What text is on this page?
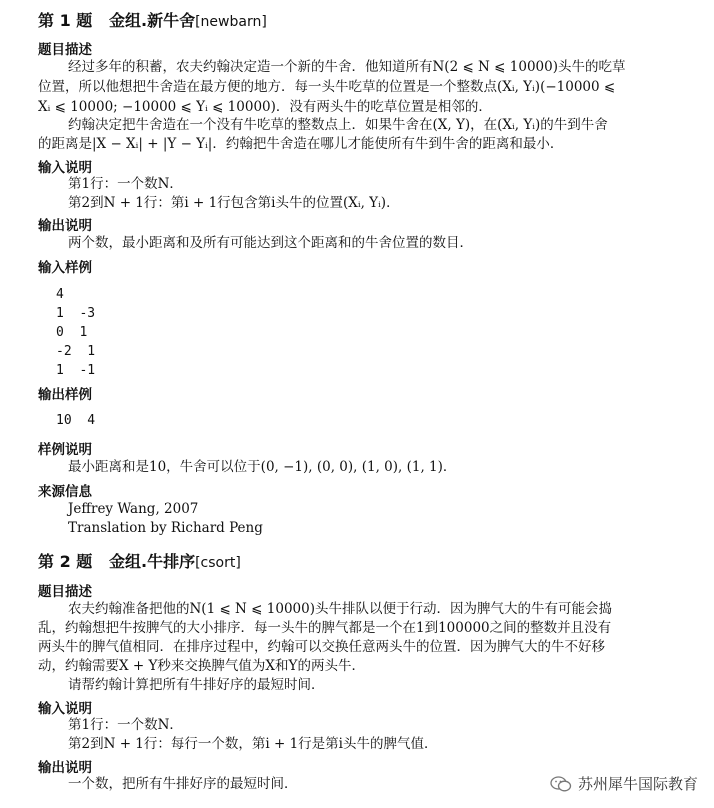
第 1 题 金组.新牛舍[newbarn]
题目描述
经过多年的积蓄，农夫约翰决定造一个新的牛舍．他知道所有N(2 ⩽ N ⩽ 10000)头牛的吃草
位置，所以他想把牛舍造在最方便的地方．每一头牛吃草的位置是一个整数点(Xᵢ, Yᵢ)(−10000 ⩽
Xᵢ ⩽ 10000; −10000 ⩽ Yᵢ ⩽ 10000)．没有两头牛的吃草位置是相邻的．
约翰决定把牛舍造在一个没有牛吃草的整数点上．如果牛舍在(X, Y)，在(Xᵢ, Yᵢ)的牛到牛舍
的距离是|X − Xᵢ| + |Y − Yᵢ|．约翰把牛舍造在哪儿才能使所有牛到牛舍的距离和最小．
输入说明
第1行：一个数N．
第2到N + 1行：第i + 1行包含第i头牛的位置(Xᵢ, Yᵢ)．
输出说明
两个数，最小距离和及所有可能达到这个距离和的牛舍位置的数目．
输入样例
4
1  -3
0  1
-2  1
1  -1
输出样例
10  4
样例说明
最小距离和是10，牛舍可以位于(0, −1), (0, 0), (1, 0), (1, 1)．
来源信息
Jeffrey Wang, 2007
Translation by Richard Peng
第 2 题 金组.牛排序[csort]
题目描述
农夫约翰准备把他的N(1 ⩽ N ⩽ 10000)头牛排队以便于行动．因为脾气大的牛有可能会捣
乱，约翰想把牛按脾气的大小排序．每一头牛的脾气都是一个在1到100000之间的整数并且没有
两头牛的脾气值相同．在排序过程中，约翰可以交换任意两头牛的位置．因为脾气大的牛不好移
动，约翰需要X + Y秒来交换脾气值为X和Y的两头牛．
请帮约翰计算把所有牛排好序的最短时间．
输入说明
第1行：一个数N．
第2到N + 1行：每行一个数，第i + 1行是第i头牛的脾气值．
输出说明
一个数，把所有牛排好序的最短时间．	苏州犀牛国际教育
